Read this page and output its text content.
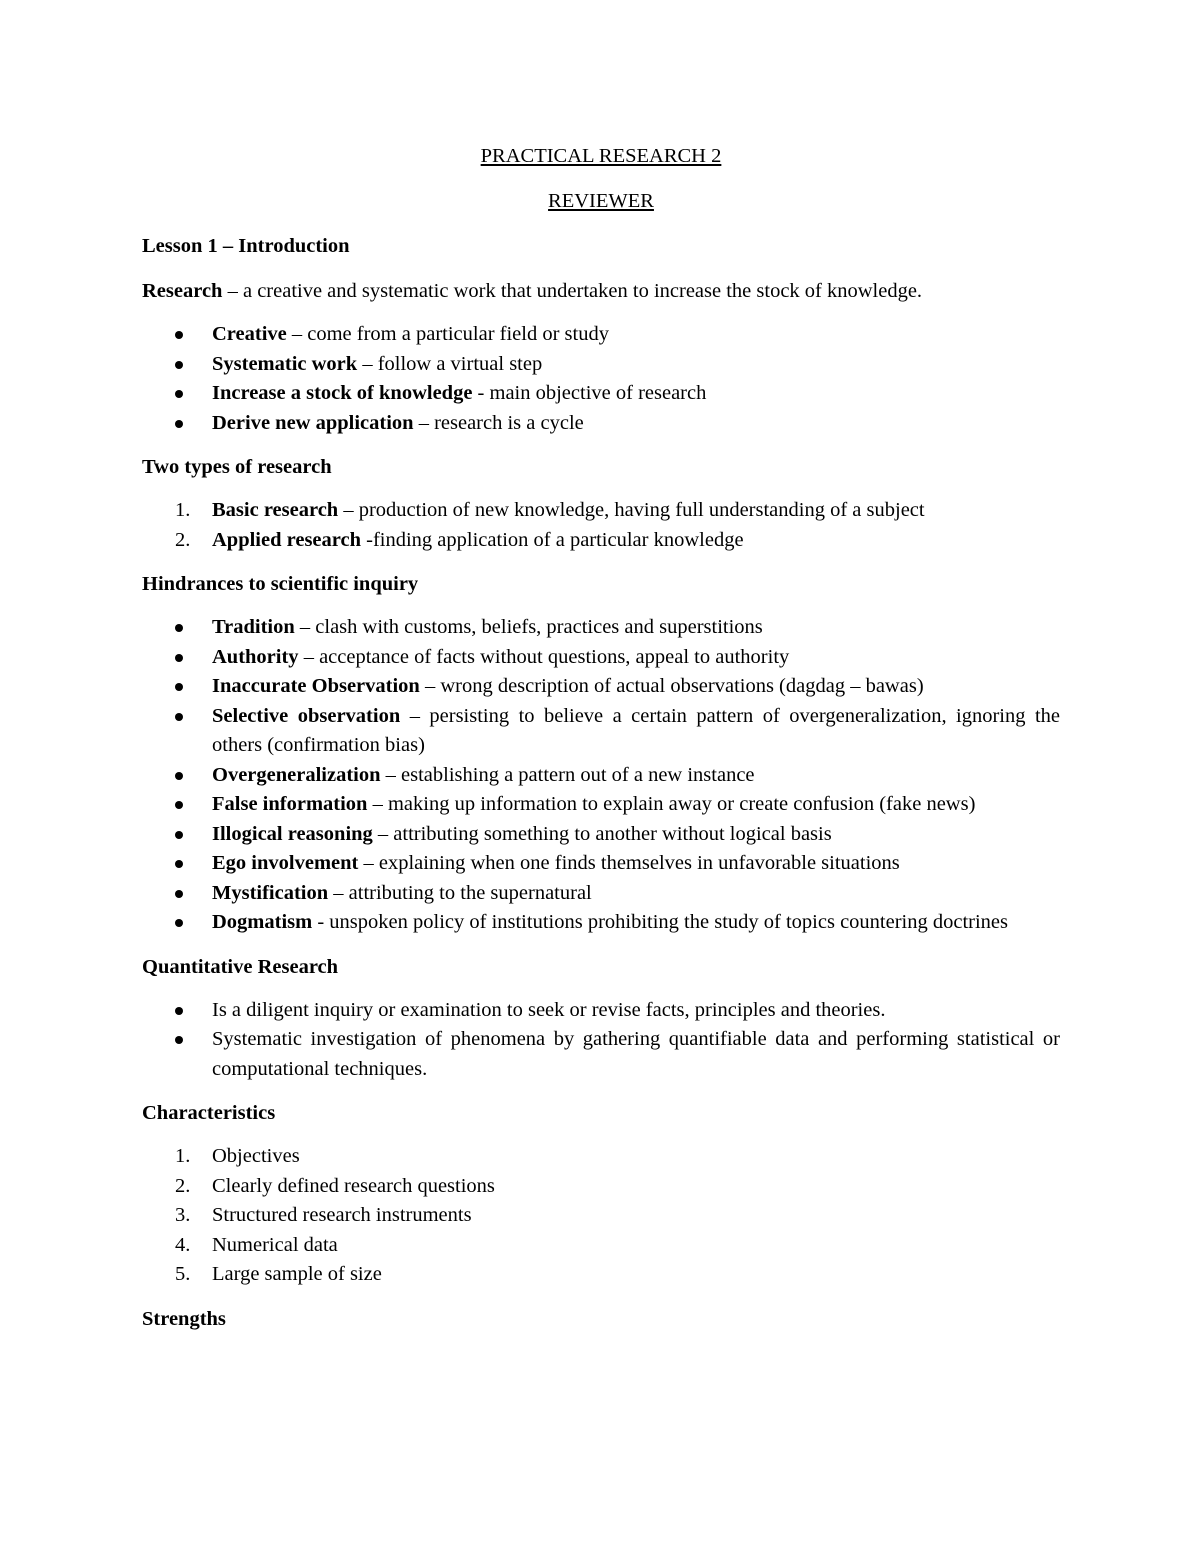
PRACTICAL RESEARCH 2

REVIEWER

Lesson 1 – Introduction

Research – a creative and systematic work that undertaken to increase the stock of knowledge.

Creative – come from a particular field or study
Systematic work – follow a virtual step
Increase a stock of knowledge - main objective of research
Derive new application – research is a cycle

Two types of research

1. Basic research – production of new knowledge, having full understanding of a subject
2. Applied research -finding application of a particular knowledge

Hindrances to scientific inquiry

Tradition – clash with customs, beliefs, practices and superstitions
Authority – acceptance of facts without questions, appeal to authority
Inaccurate Observation – wrong description of actual observations (dagdag – bawas)
Selective observation – persisting to believe a certain pattern of overgeneralization, ignoring the others (confirmation bias)
Overgeneralization – establishing a pattern out of a new instance
False information – making up information to explain away or create confusion (fake news)
Illogical reasoning – attributing something to another without logical basis
Ego involvement – explaining when one finds themselves in unfavorable situations
Mystification – attributing to the supernatural
Dogmatism - unspoken policy of institutions prohibiting the study of topics countering doctrines

Quantitative Research

Is a diligent inquiry or examination to seek or revise facts, principles and theories.
Systematic investigation of phenomena by gathering quantifiable data and performing statistical or computational techniques.

Characteristics

1. Objectives
2. Clearly defined research questions
3. Structured research instruments
4. Numerical data
5. Large sample of size

Strengths
